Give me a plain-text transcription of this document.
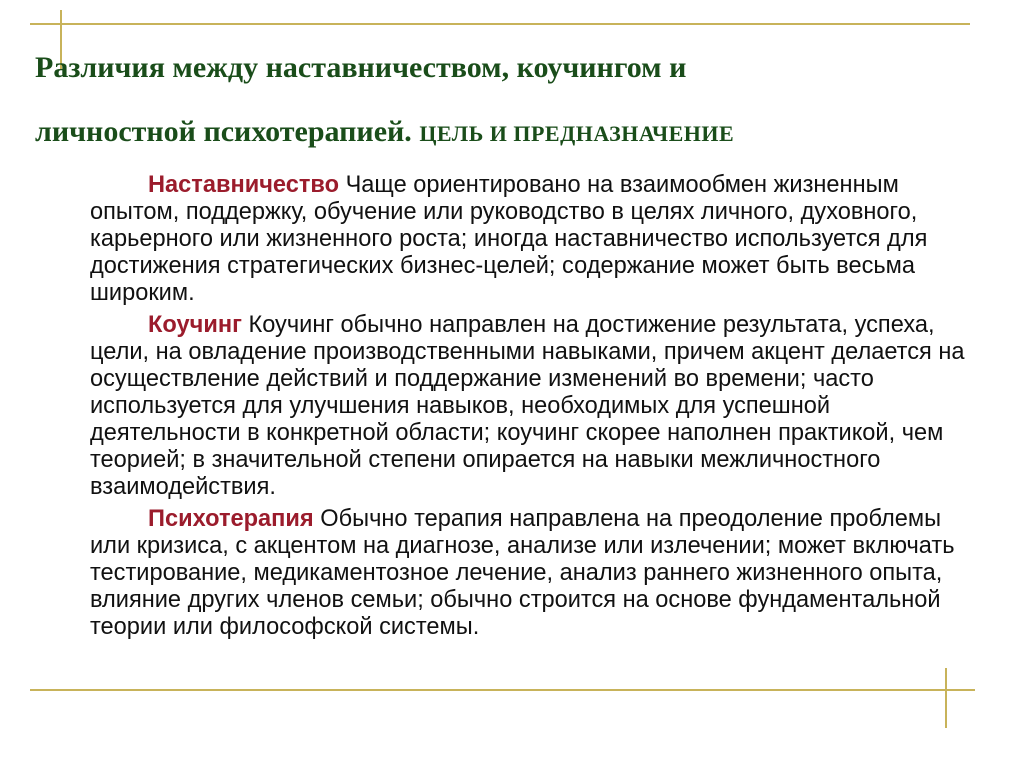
Различия между наставничеством, коучингом и
личностной психотерапией. ЦЕЛЬ И ПРЕДНАЗНАЧЕНИЕ

Наставничество Чаще ориентировано на взаимообмен жизненным опытом, поддержку, обучение или руководство в целях личного, духовного, карьерного или жизненного роста; иногда наставничество используется для достижения стратегических бизнес-целей; содержание может быть весьма широким.

Коучинг Коучинг обычно направлен на достижение результата, успеха, цели, на овладение производственными навыками, причем акцент делается на осуществление действий и поддержание изменений во времени; часто используется для улучшения навыков, необходимых для успешной деятельности в конкретной области; коучинг скорее наполнен практикой, чем теорией; в значительной степени опирается на навыки межличностного взаимодействия.

Психотерапия Обычно терапия направлена на преодоление проблемы или кризиса, с акцентом на диагнозе, анализе или излечении; может включать тестирование, медикаментозное лечение, анализ раннего жизненного опыта, влияние других членов семьи; обычно строится на основе фундаментальной теории или философской системы.
